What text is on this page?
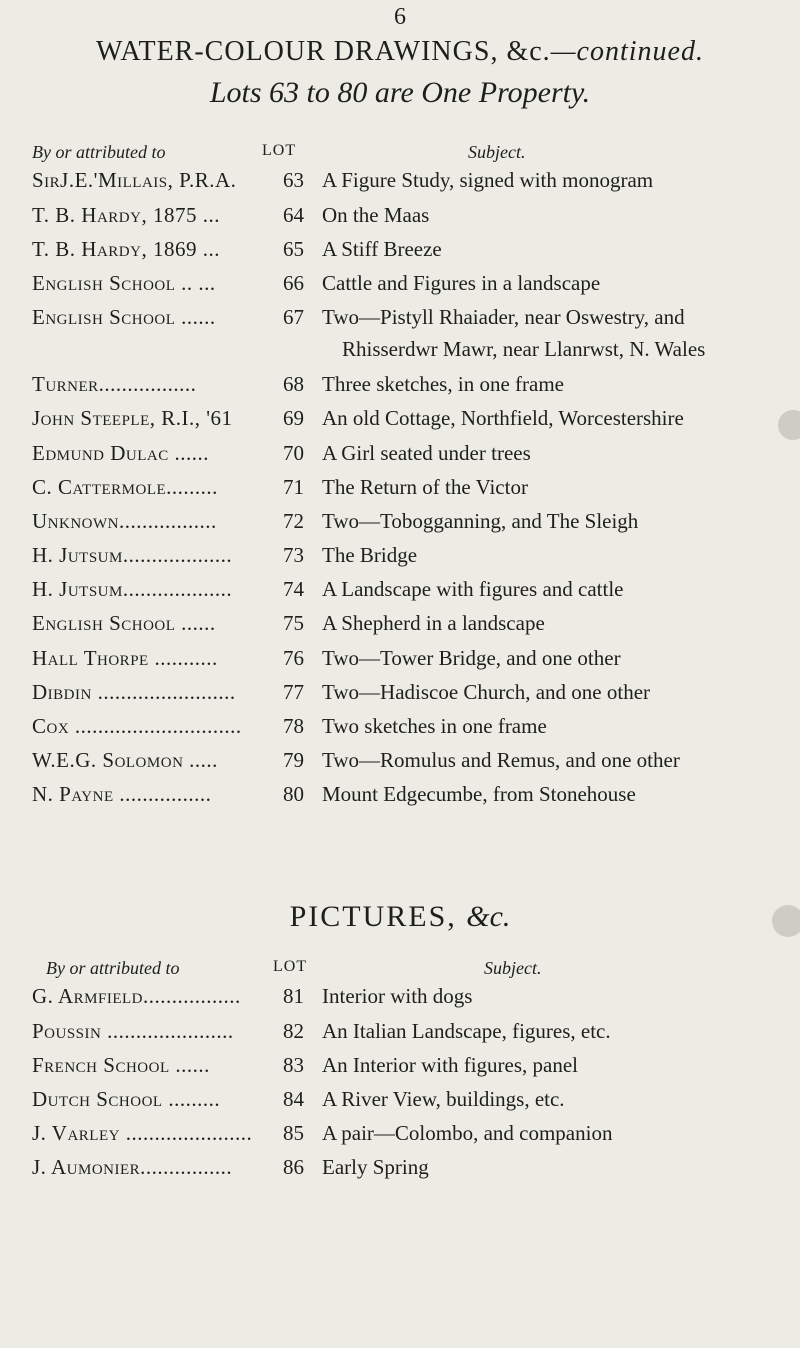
6
WATER-COLOUR DRAWINGS, &c.—continued.
Lots 63 to 80 are One Property.
By or attributed to	LOT	Subject.
SirJ.E.'Millais, P.R.A.	63 A Figure Study, signed with monogram
T. B. Hardy, 1875 ...	64 On the Maas
T. B. Hardy, 1869 ...	65 A Stiff Breeze
English School .. ...	66 Cattle and Figures in a landscape
English School ......	67 Two—Pistyll Rhaiader, near Oswestry, and
Rhisserdwr Mawr, near Llanrwst, N. Wales
Turner.................	68 Three sketches, in one frame
John Steeple, R.I., '61	69 An old Cottage, Northfield, Worcestershire
Edmund Dulac ......	70 A Girl seated under trees
C. Cattermole.........	71 The Return of the Victor
Unknown.................	72 Two—Tobogganning, and The Sleigh
H. Jutsum...................	73 The Bridge
H. Jutsum...................	74 A Landscape with figures and cattle
English School ......	75 A Shepherd in a landscape
Hall Thorpe ...........	76 Two—Tower Bridge, and one other
Dibdin ........................	77 Two—Hadiscoe Church, and one other
Cox .............................	78 Two sketches in one frame
W.E.G. Solomon .....	79 Two—Romulus and Remus, and one other
N. Payne ................	80 Mount Edgecumbe, from Stonehouse
PICTURES, &c.
By or attributed to	LOT	Subject.
G. Armfield.................	81 Interior with dogs
Poussin ......................	82 An Italian Landscape, figures, etc.
French School ......	83 An Interior with figures, panel
Dutch School .........	84 A River View, buildings, etc.
J. Varley ......................	85 A pair—Colombo, and companion
J. Aumonier................	86 Early Spring
